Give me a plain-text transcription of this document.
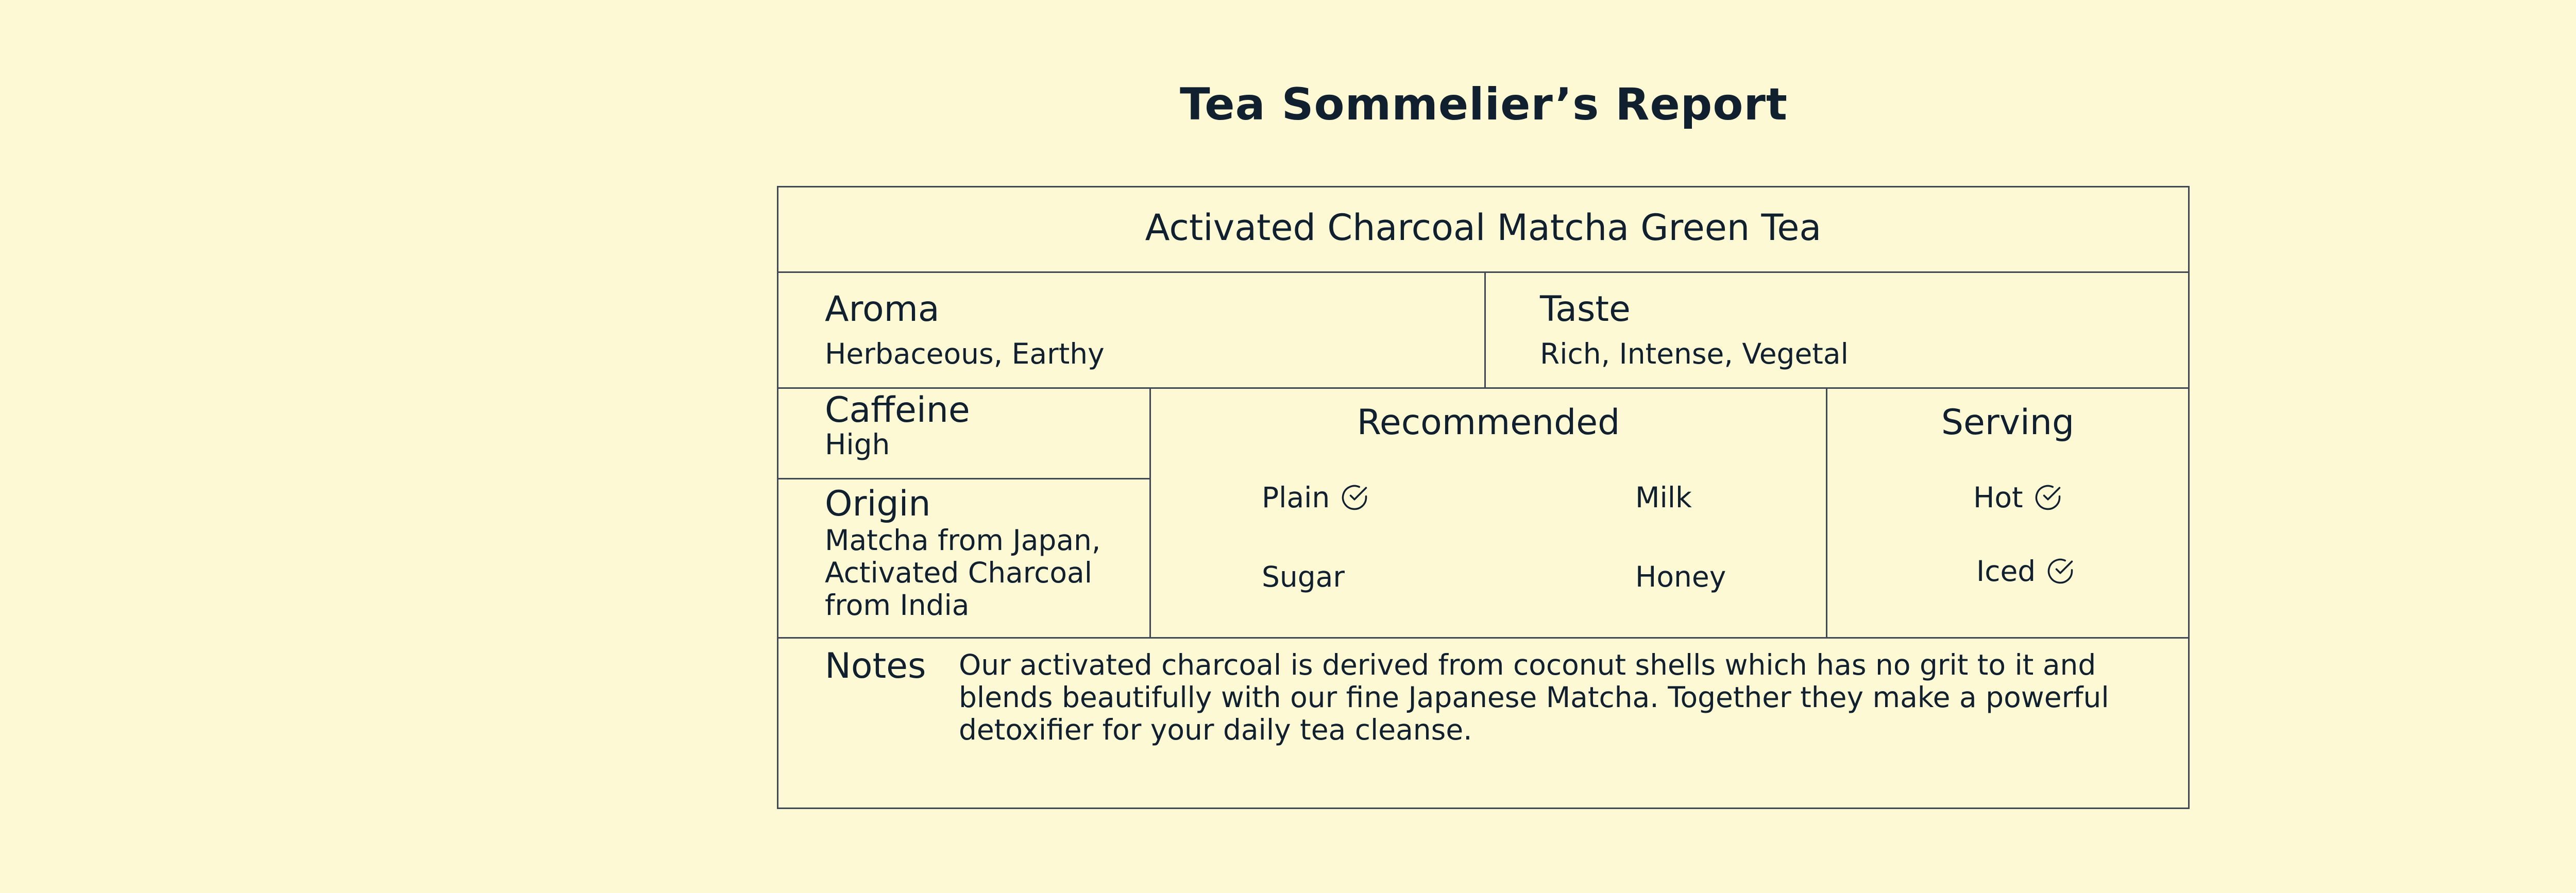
Tea Sommelier’s Report
Activated Charcoal Matcha Green Tea
Aroma
Herbaceous, Earthy
Taste
Rich, Intense, Vegetal
Caffeine
High
Origin
Matcha from Japan,
Activated Charcoal
from India
Recommended
Plain	Milk
Sugar	Honey
Serving
Hot
Iced
Notes Our activated charcoal is derived from coconut shells which has no grit to it and
blends beautifully with our fine Japanese Matcha. Together they make a powerful
detoxifier for your daily tea cleanse.
